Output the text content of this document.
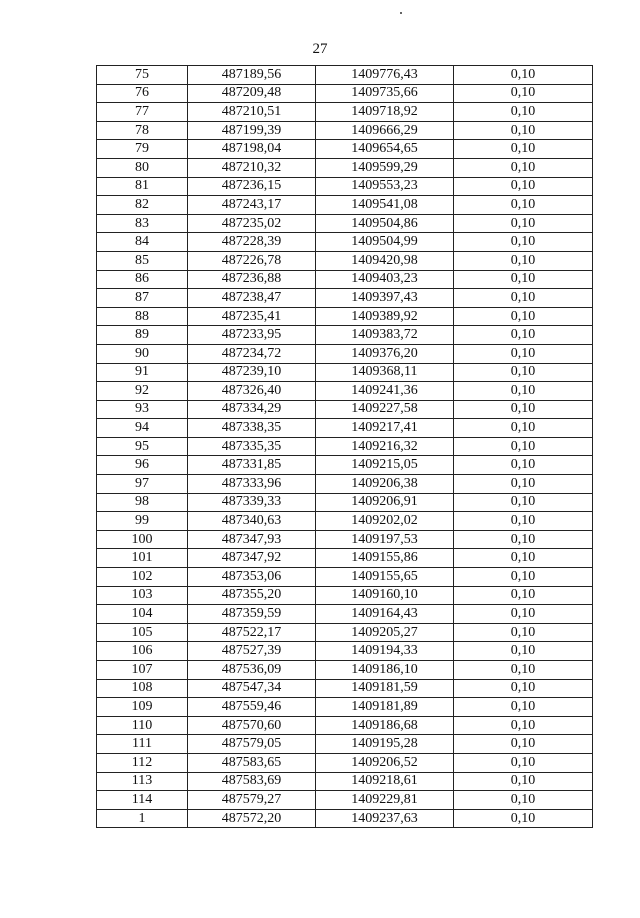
27
75	487189,56	1409776,43	0,10
76	487209,48	1409735,66	0,10
77	487210,51	1409718,92	0,10
78	487199,39	1409666,29	0,10
79	487198,04	1409654,65	0,10
80	487210,32	1409599,29	0,10
81	487236,15	1409553,23	0,10
82	487243,17	1409541,08	0,10
83	487235,02	1409504,86	0,10
84	487228,39	1409504,99	0,10
85	487226,78	1409420,98	0,10
86	487236,88	1409403,23	0,10
87	487238,47	1409397,43	0,10
88	487235,41	1409389,92	0,10
89	487233,95	1409383,72	0,10
90	487234,72	1409376,20	0,10
91	487239,10	1409368,11	0,10
92	487326,40	1409241,36	0,10
93	487334,29	1409227,58	0,10
94	487338,35	1409217,41	0,10
95	487335,35	1409216,32	0,10
96	487331,85	1409215,05	0,10
97	487333,96	1409206,38	0,10
98	487339,33	1409206,91	0,10
99	487340,63	1409202,02	0,10
100	487347,93	1409197,53	0,10
101	487347,92	1409155,86	0,10
102	487353,06	1409155,65	0,10
103	487355,20	1409160,10	0,10
104	487359,59	1409164,43	0,10
105	487522,17	1409205,27	0,10
106	487527,39	1409194,33	0,10
107	487536,09	1409186,10	0,10
108	487547,34	1409181,59	0,10
109	487559,46	1409181,89	0,10
110	487570,60	1409186,68	0,10
111	487579,05	1409195,28	0,10
112	487583,65	1409206,52	0,10
113	487583,69	1409218,61	0,10
114	487579,27	1409229,81	0,10
1	487572,20	1409237,63	0,10
